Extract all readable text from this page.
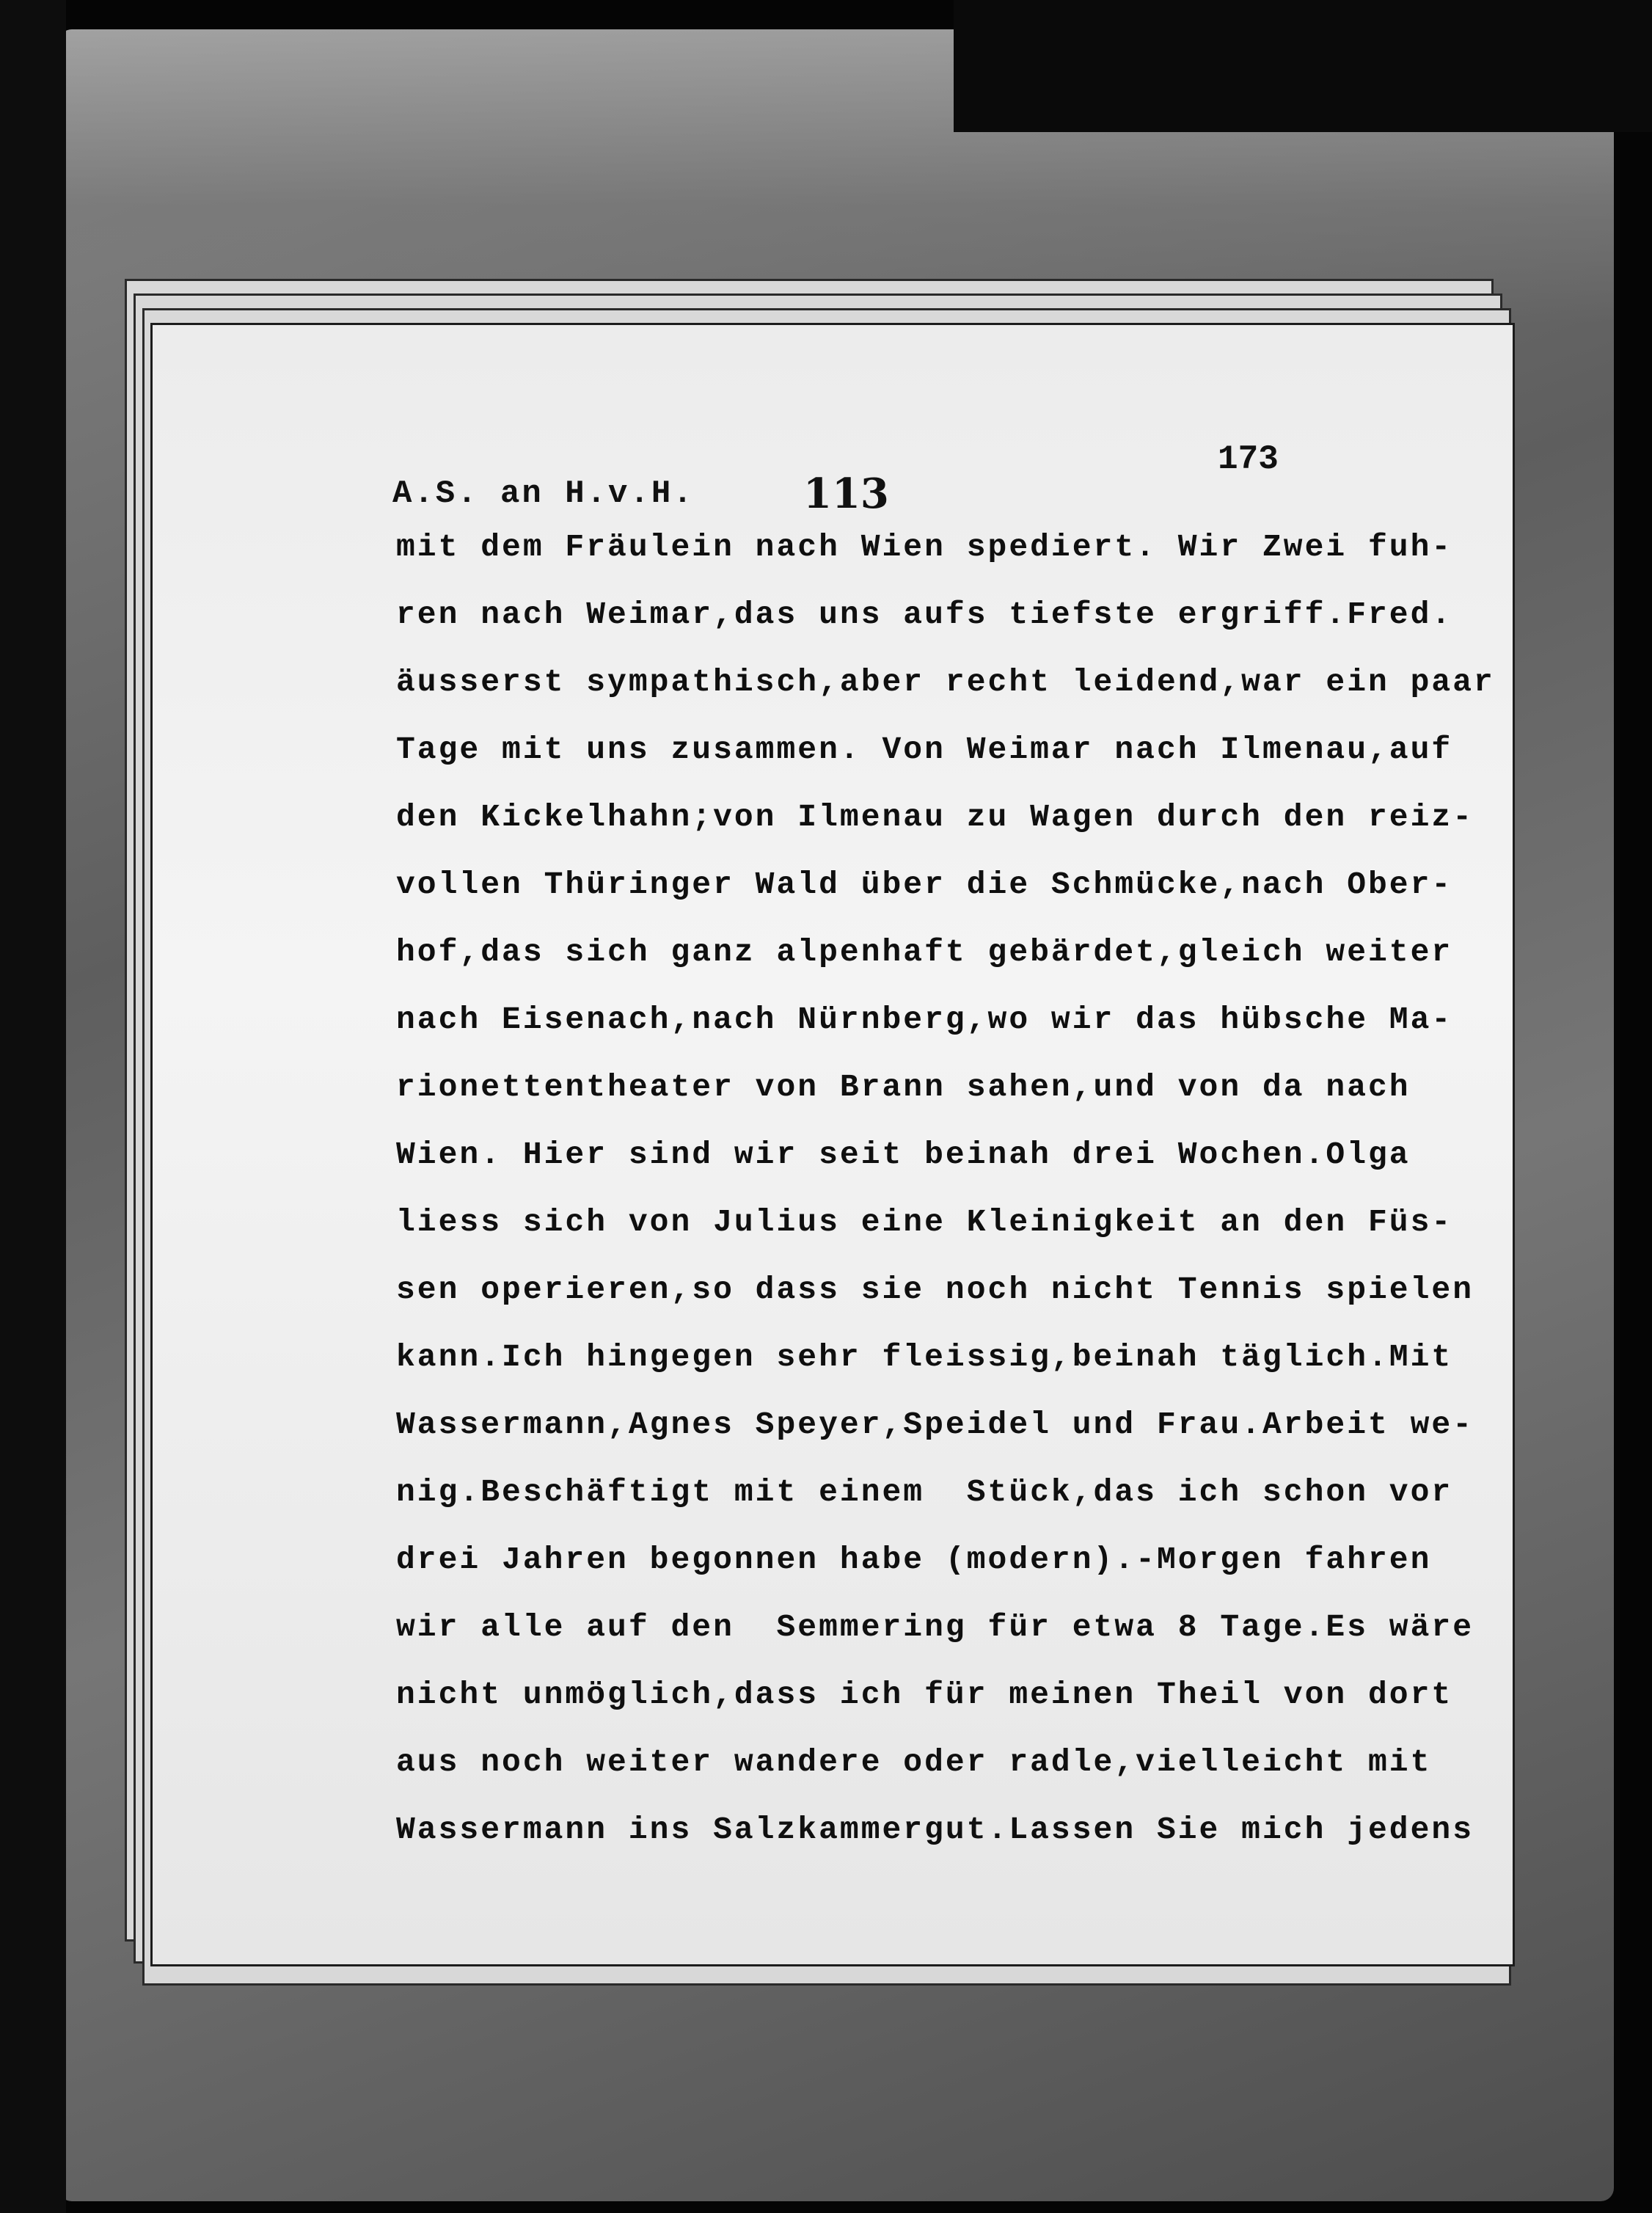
A.S. an H.v.H.	113
173
mit dem Fräulein nach Wien spediert. Wir Zwei fuh-
ren nach Weimar,das uns aufs tiefste ergriff.Fred.
äusserst sympathisch,aber recht leidend,war ein paar
Tage mit uns zusammen. Von Weimar nach Ilmenau,auf
den Kickelhahn;von Ilmenau zu Wagen durch den reiz-
vollen Thüringer Wald über die Schmücke,nach Ober-
hof,das sich ganz alpenhaft gebärdet,gleich weiter
nach Eisenach,nach Nürnberg,wo wir das hübsche Ma-
rionettentheater von Brann sahen,und von da nach
Wien. Hier sind wir seit beinah drei Wochen.Olga
liess sich von Julius eine Kleinigkeit an den Füs-
sen operieren,so dass sie noch nicht Tennis spielen
kann.Ich hingegen sehr fleissig,beinah täglich.Mit
Wassermann,Agnes Speyer,Speidel und Frau.Arbeit we-
nig.Beschäftigt mit einem  Stück,das ich schon vor
drei Jahren begonnen habe (modern).-Morgen fahren
wir alle auf den  Semmering für etwa 8 Tage.Es wäre
nicht unmöglich,dass ich für meinen Theil von dort
aus noch weiter wandere oder radle,vielleicht mit
Wassermann ins Salzkammergut.Lassen Sie mich jedens
